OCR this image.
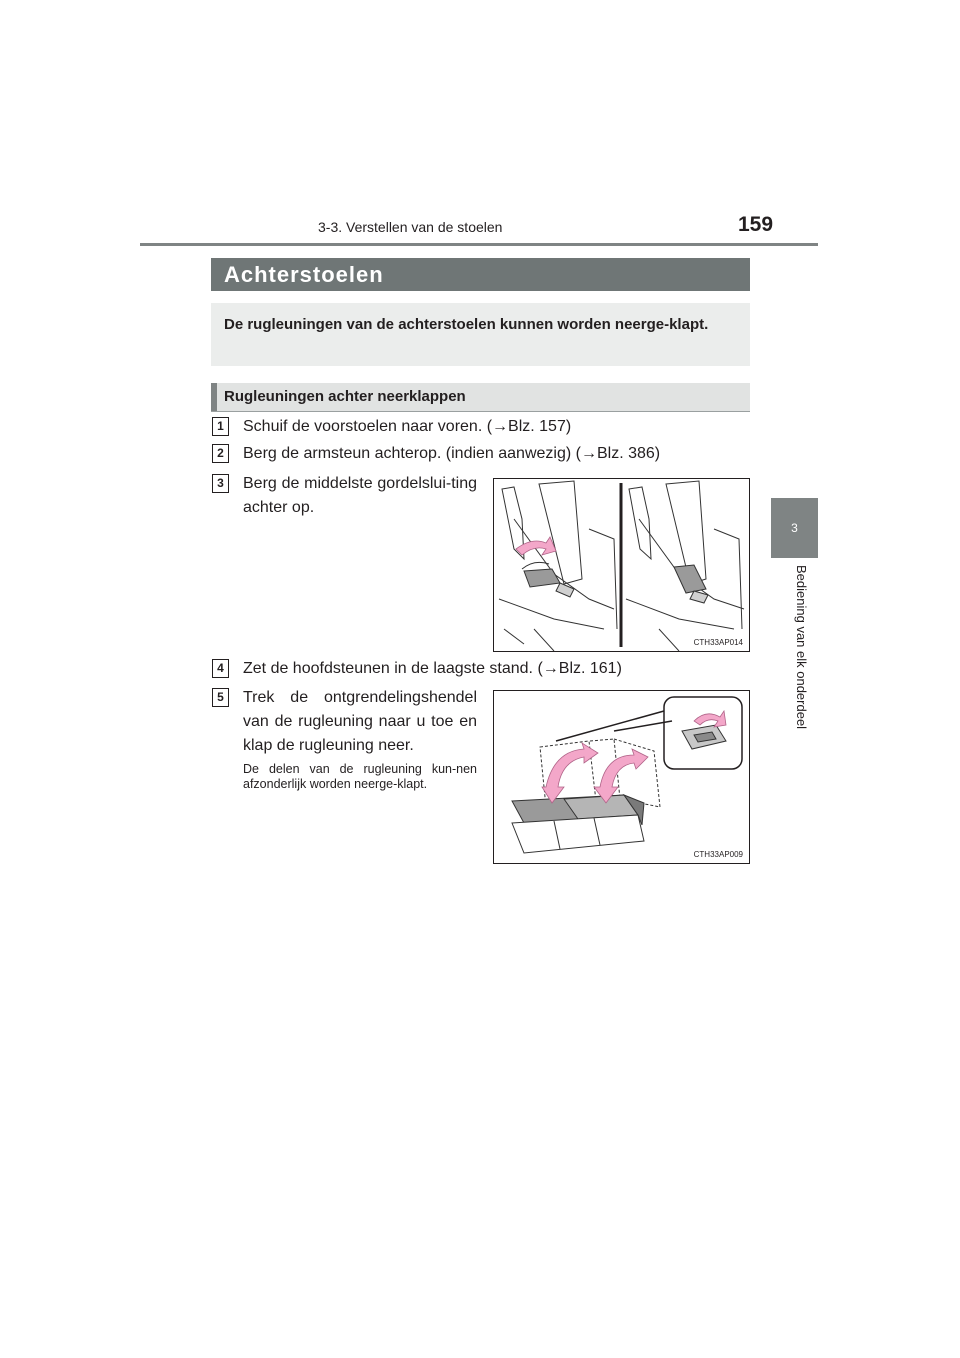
3-3. Verstellen van de stoelen	159
3
Bediening van elk onderdeel
Achterstoelen
De rugleuningen van de achterstoelen kunnen worden neerge-klapt.
Rugleuningen achter neerklappen
1	Schuif de voorstoelen naar voren. (→Blz. 157)
2	Berg de armsteun achterop. (indien aanwezig) (→Blz. 386)
3	Berg de middelste gordelslui-ting achter op.
CTH33AP014
4	Zet de hoofdsteunen in de laagste stand. (→Blz. 161)
5	Trek de ontgrendelingshendel van de rugleuning naar u toe en klap de rugleuning neer.
De delen van de rugleuning kun-nen afzonderlijk worden neerge-klapt.
CTH33AP009
